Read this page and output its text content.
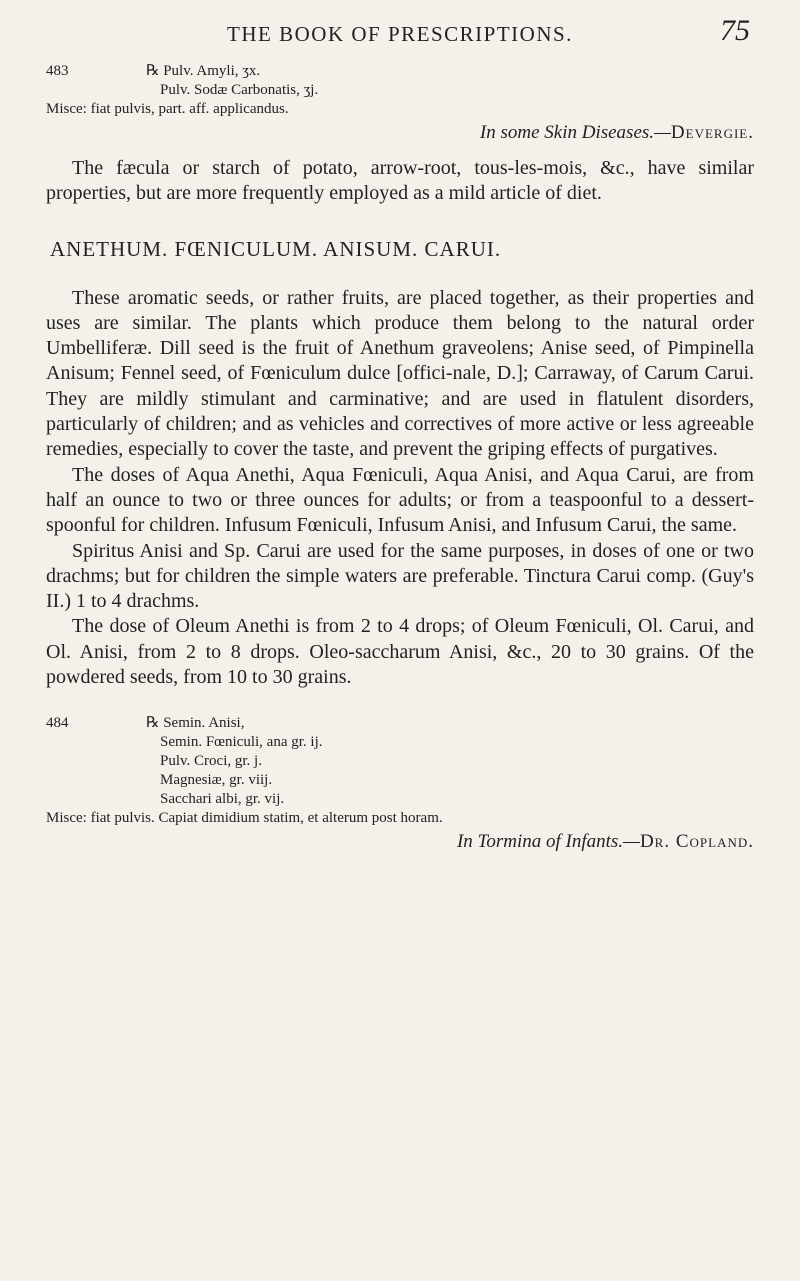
THE BOOK OF PRESCRIPTIONS.	75
483	℞ Pulv. Amyli, ʒx.
Pulv. Sodæ Carbonatis, ʒj.
Misce: fiat pulvis, part. aff. applicandus.
In some Skin Diseases.—Devergie.

The fæcula or starch of potato, arrow-root, tous-les-mois, &c., have similar properties, but are more frequently employed as a mild article of diet.

ANETHUM. FŒNICULUM. ANISUM. CARUI.

These aromatic seeds, or rather fruits, are placed together, as their properties and uses are similar. The plants which produce them belong to the natural order Umbelliferæ. Dill seed is the fruit of Anethum graveolens; Anise seed, of Pimpinella Anisum; Fennel seed, of Fœniculum dulce [offici-nale, D.]; Carraway, of Carum Carui. They are mildly stimulant and carminative; and are used in flatulent disorders, particularly of children; and as vehicles and correctives of more active or less agreeable remedies, especially to cover the taste, and prevent the griping effects of purgatives.

The doses of Aqua Anethi, Aqua Fœniculi, Aqua Anisi, and Aqua Carui, are from half an ounce to two or three ounces for adults; or from a teaspoonful to a dessert-spoonful for children. Infusum Fœniculi, Infusum Anisi, and Infusum Carui, the same.

Spiritus Anisi and Sp. Carui are used for the same purposes, in doses of one or two drachms; but for children the simple waters are preferable. Tinctura Carui comp. (Guy's II.) 1 to 4 drachms.

The dose of Oleum Anethi is from 2 to 4 drops; of Oleum Fœniculi, Ol. Carui, and Ol. Anisi, from 2 to 8 drops. Oleo-saccharum Anisi, &c., 20 to 30 grains. Of the powdered seeds, from 10 to 30 grains.

484	℞ Semin. Anisi,
Semin. Fœniculi, ana gr. ij.
Pulv. Croci, gr. j.
Magnesiæ, gr. viij.
Sacchari albi, gr. vij.
Misce: fiat pulvis. Capiat dimidium statim, et alterum post horam.
In Tormina of Infants.—Dr. Copland.
